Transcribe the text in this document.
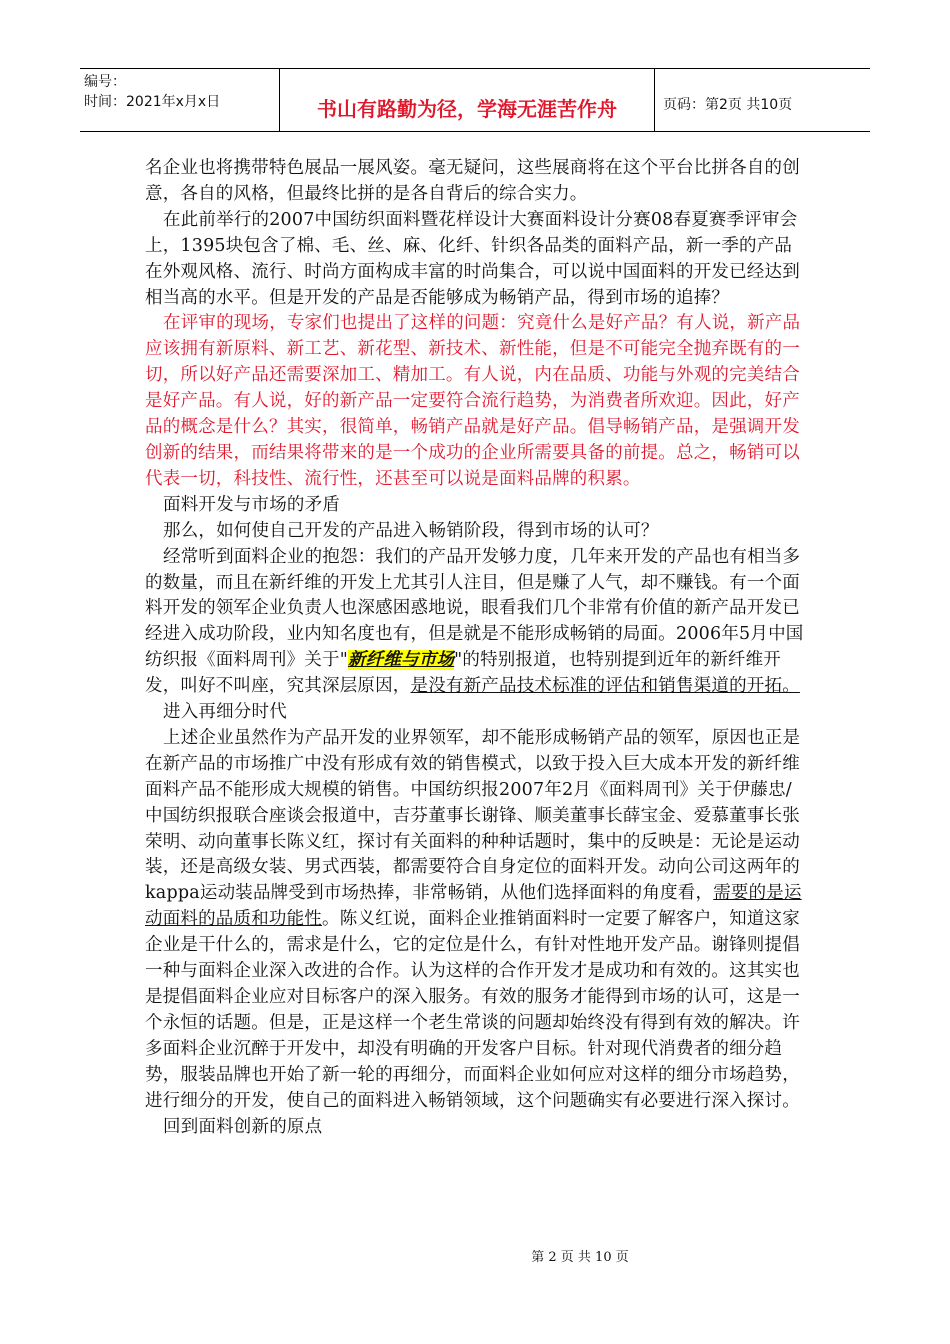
编号：
时间：2021年x月x日	书山有路勤为径，学海无涯苦作舟	页码：第2页 共10页

名企业也将携带特色展品一展风姿。毫无疑问，这些展商将在这个平台比拼各自的创意，各自的风格，但最终比拼的是各自背后的综合实力。

在此前举行的2007中国纺织面料暨花样设计大赛面料设计分赛08春夏赛季评审会上，1395块包含了棉、毛、丝、麻、化纤、针织各品类的面料产品，新一季的产品在外观风格、流行、时尚方面构成丰富的时尚集合，可以说中国面料的开发已经达到相当高的水平。但是开发的产品是否能够成为畅销产品，得到市场的追捧？

在评审的现场，专家们也提出了这样的问题：究竟什么是好产品？有人说，新产品应该拥有新原料、新工艺、新花型、新技术、新性能，但是不可能完全抛弃既有的一切，所以好产品还需要深加工、精加工。有人说，内在品质、功能与外观的完美结合是好产品。有人说，好的新产品一定要符合流行趋势，为消费者所欢迎。因此，好产品的概念是什么？其实，很简单，畅销产品就是好产品。倡导畅销产品，是强调开发创新的结果，而结果将带来的是一个成功的企业所需要具备的前提。总之，畅销可以代表一切，科技性、流行性，还甚至可以说是面料品牌的积累。

面料开发与市场的矛盾

那么，如何使自己开发的产品进入畅销阶段，得到市场的认可？

经常听到面料企业的抱怨：我们的产品开发够力度，几年来开发的产品也有相当多的数量，而且在新纤维的开发上尤其引人注目，但是赚了人气，却不赚钱。有一个面料开发的领军企业负责人也深感困惑地说，眼看我们几个非常有价值的新产品开发已经进入成功阶段，业内知名度也有，但是就是不能形成畅销的局面。2006年5月中国纺织报《面料周刊》关于"新纤维与市场"的特别报道，也特别提到近年的新纤维开发，叫好不叫座，究其深层原因，是没有新产品技术标准的评估和销售渠道的开拓。

进入再细分时代

上述企业虽然作为产品开发的业界领军，却不能形成畅销产品的领军，原因也正是在新产品的市场推广中没有形成有效的销售模式，以致于投入巨大成本开发的新纤维面料产品不能形成大规模的销售。中国纺织报2007年2月《面料周刊》关于伊藤忠/中国纺织报联合座谈会报道中，吉芬董事长谢锋、顺美董事长薛宝金、爱慕董事长张荣明、动向董事长陈义红，探讨有关面料的种种话题时，集中的反映是：无论是运动装，还是高级女装、男式西装，都需要符合自身定位的面料开发。动向公司这两年的kappa运动装品牌受到市场热捧，非常畅销，从他们选择面料的角度看，需要的是运动面料的品质和功能性。陈义红说，面料企业推销面料时一定要了解客户，知道这家企业是干什么的，需求是什么，它的定位是什么，有针对性地开发产品。谢锋则提倡一种与面料企业深入改进的合作。认为这样的合作开发才是成功和有效的。这其实也是提倡面料企业应对目标客户的深入服务。有效的服务才能得到市场的认可，这是一个永恒的话题。但是，正是这样一个老生常谈的问题却始终没有得到有效的解决。许多面料企业沉醉于开发中，却没有明确的开发客户目标。针对现代消费者的细分趋势，服装品牌也开始了新一轮的再细分，而面料企业如何应对这样的细分市场趋势，进行细分的开发，使自己的面料进入畅销领域，这个问题确实有必要进行深入探讨。

回到面料创新的原点

第 2 页 共 10 页
